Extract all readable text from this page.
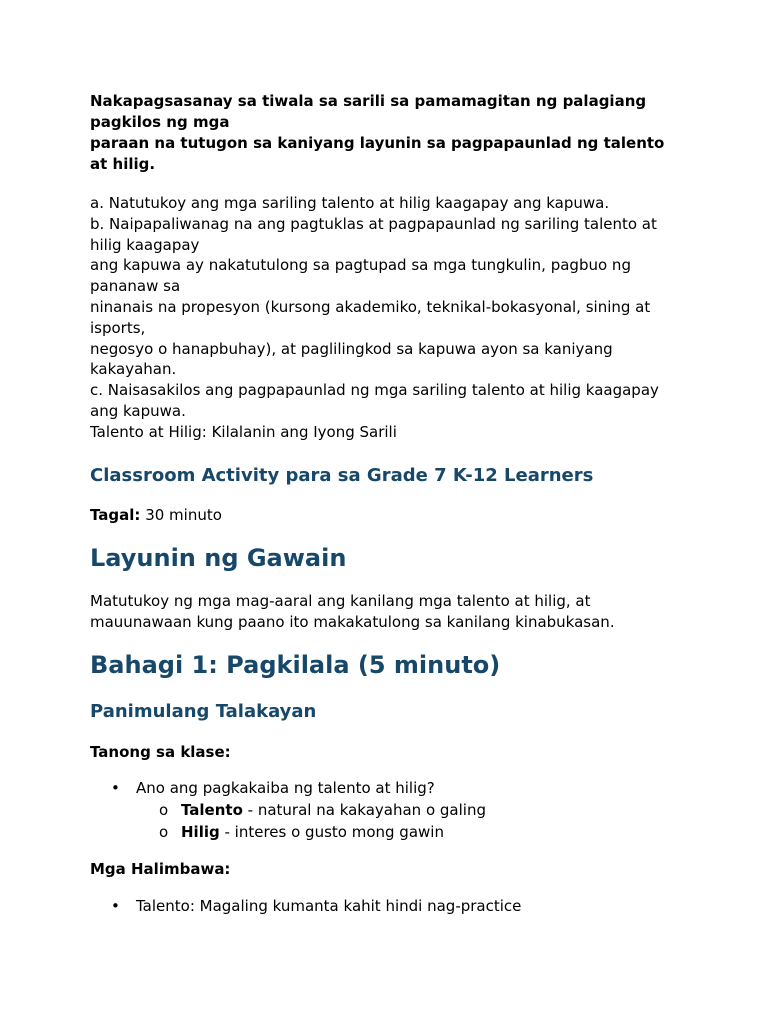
Nakapagsasanay sa tiwala sa sarili sa pamamagitan ng palagiang
pagkilos ng mga
paraan na tutugon sa kaniyang layunin sa pagpapaunlad ng talento
at hilig.

a. Natutukoy ang mga sariling talento at hilig kaagapay ang kapuwa.
b. Naipapaliwanag na ang pagtuklas at pagpapaunlad ng sariling talento at
hilig kaagapay
ang kapuwa ay nakatutulong sa pagtupad sa mga tungkulin, pagbuo ng
pananaw sa
ninanais na propesyon (kursong akademiko, teknikal-bokasyonal, sining at
isports,
negosyo o hanapbuhay), at paglilingkod sa kapuwa ayon sa kaniyang
kakayahan.
c. Naisasakilos ang pagpapaunlad ng mga sariling talento at hilig kaagapay
ang kapuwa.
Talento at Hilig: Kilalanin ang Iyong Sarili
Classroom Activity para sa Grade 7 K-12 Learners

Tagal: 30 minuto

Layunin ng Gawain

Matutukoy ng mga mag-aaral ang kanilang mga talento at hilig, at
mauunawaan kung paano ito makakatulong sa kanilang kinabukasan.

Bahagi 1: Pagkilala (5 minuto)
Panimulang Talakayan

Tanong sa klase:

• Ano ang pagkakaiba ng talento at hilig?
o Talento - natural na kakayahan o galing
o Hilig - interes o gusto mong gawin

Mga Halimbawa:

• Talento: Magaling kumanta kahit hindi nag-practice
